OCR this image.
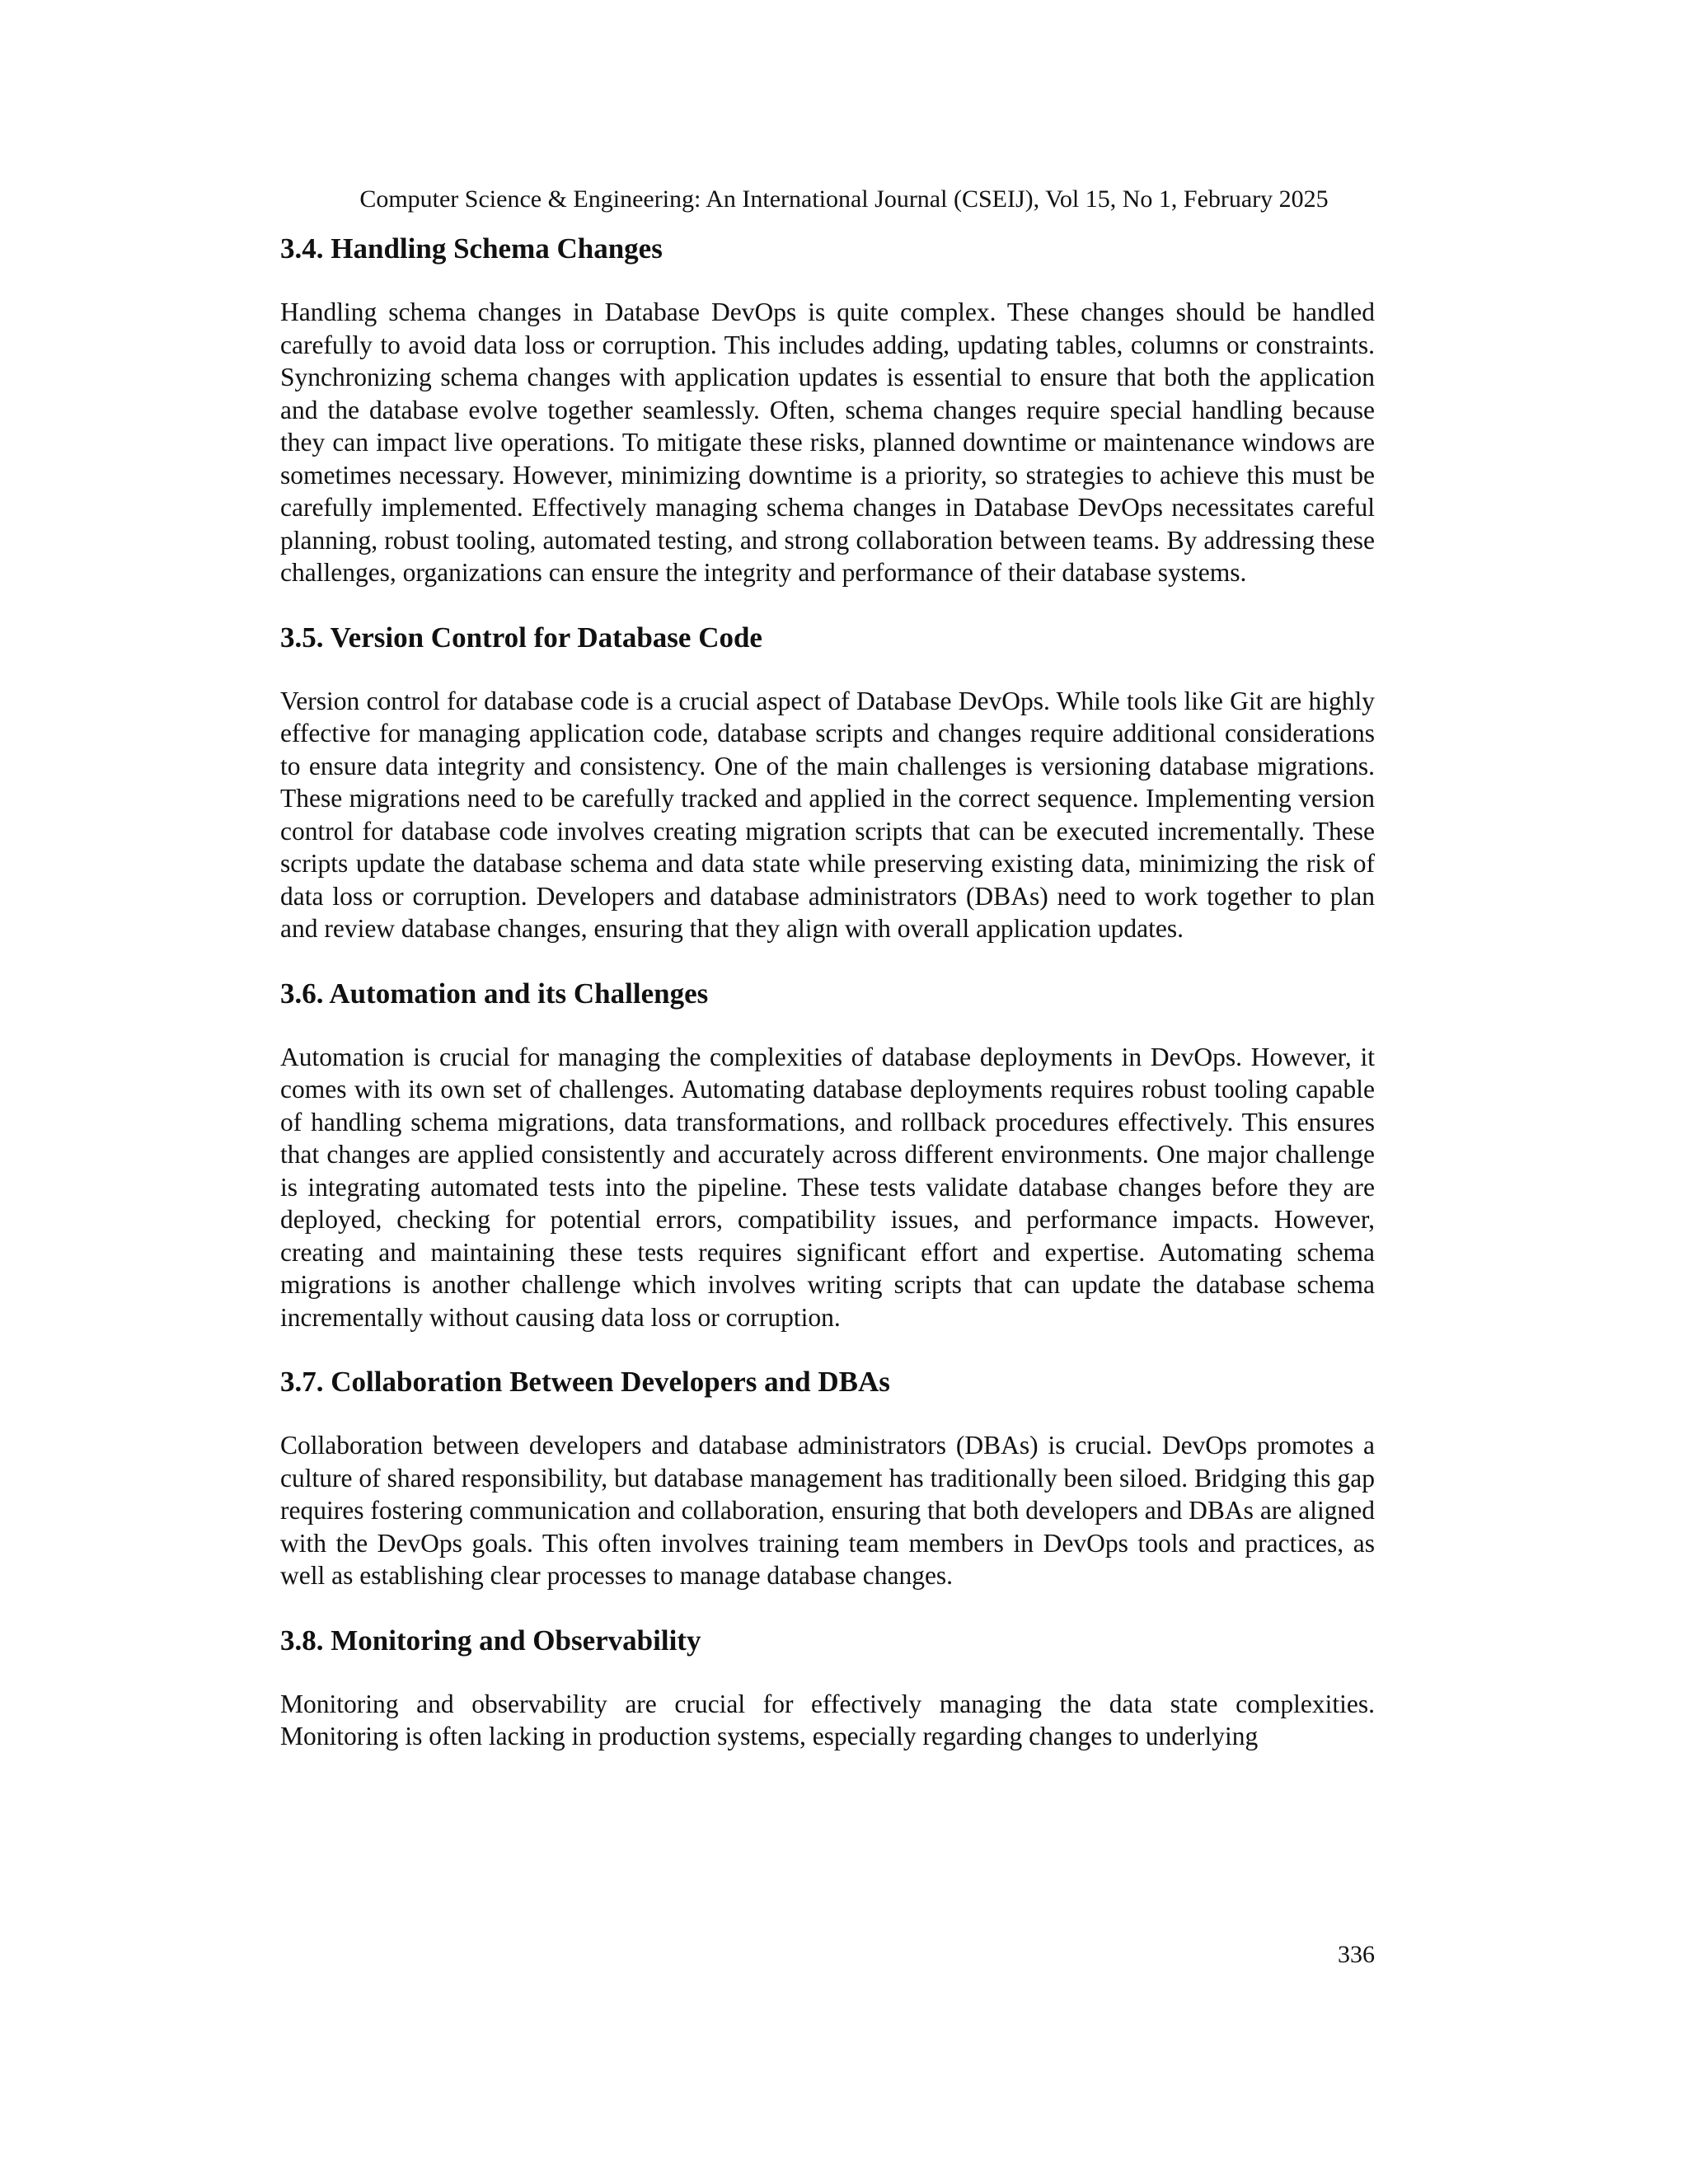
Computer Science & Engineering: An International Journal (CSEIJ), Vol 15, No 1, February 2025
3.4. Handling Schema Changes

Handling schema changes in Database DevOps is quite complex. These changes should be handled carefully to avoid data loss or corruption. This includes adding, updating tables, columns or constraints. Synchronizing schema changes with application updates is essential to ensure that both the application and the database evolve together seamlessly. Often, schema changes require special handling because they can impact live operations. To mitigate these risks, planned downtime or maintenance windows are sometimes necessary. However, minimizing downtime is a priority, so strategies to achieve this must be carefully implemented. Effectively managing schema changes in Database DevOps necessitates careful planning, robust tooling, automated testing, and strong collaboration between teams. By addressing these challenges, organizations can ensure the integrity and performance of their database systems.

3.5. Version Control for Database Code

Version control for database code is a crucial aspect of Database DevOps. While tools like Git are highly effective for managing application code, database scripts and changes require additional considerations to ensure data integrity and consistency. One of the main challenges is versioning database migrations. These migrations need to be carefully tracked and applied in the correct sequence. Implementing version control for database code involves creating migration scripts that can be executed incrementally. These scripts update the database schema and data state while preserving existing data, minimizing the risk of data loss or corruption. Developers and database administrators (DBAs) need to work together to plan and review database changes, ensuring that they align with overall application updates.

3.6. Automation and its Challenges

Automation is crucial for managing the complexities of database deployments in DevOps. However, it comes with its own set of challenges. Automating database deployments requires robust tooling capable of handling schema migrations, data transformations, and rollback procedures effectively. This ensures that changes are applied consistently and accurately across different environments. One major challenge is integrating automated tests into the pipeline. These tests validate database changes before they are deployed, checking for potential errors, compatibility issues, and performance impacts. However, creating and maintaining these tests requires significant effort and expertise. Automating schema migrations is another challenge which involves writing scripts that can update the database schema incrementally without causing data loss or corruption.

3.7. Collaboration Between Developers and DBAs

Collaboration between developers and database administrators (DBAs) is crucial. DevOps promotes a culture of shared responsibility, but database management has traditionally been siloed. Bridging this gap requires fostering communication and collaboration, ensuring that both developers and DBAs are aligned with the DevOps goals. This often involves training team members in DevOps tools and practices, as well as establishing clear processes to manage database changes.

3.8. Monitoring and Observability

Monitoring and observability are crucial for effectively managing the data state complexities. Monitoring is often lacking in production systems, especially regarding changes to underlying

336
